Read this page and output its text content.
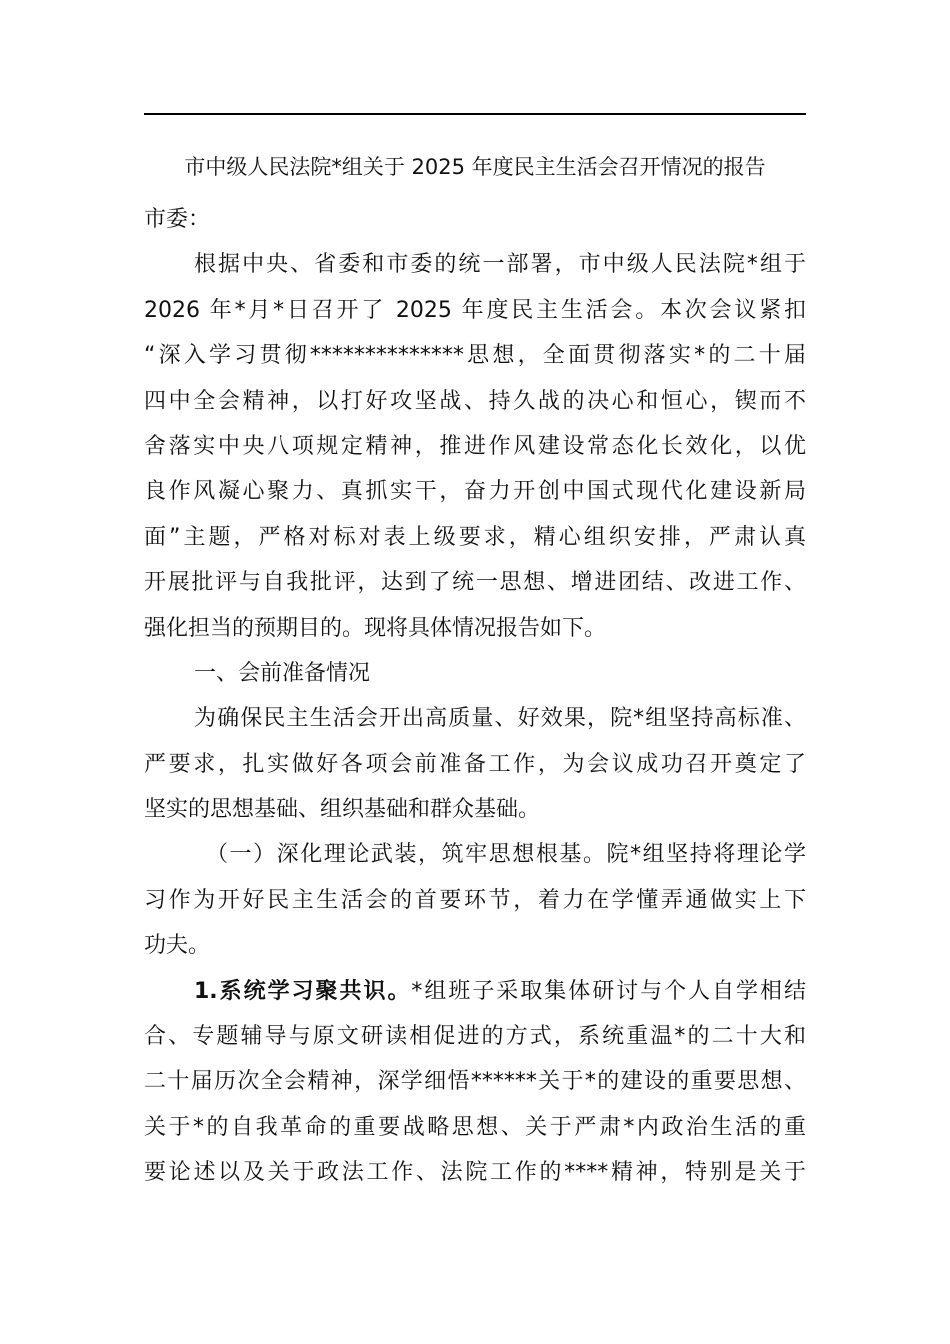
市中级人民法院*组关于 2025 年度民主生活会召开情况的报告
市委：
根据中央、省委和市委的统一部署，市中级人民法院*组于
2026 年*月*日召开了 2025 年度民主生活会。本次会议紧扣
“深入学习贯彻**************思想，全面贯彻落实*的二十届
四中全会精神，以打好攻坚战、持久战的决心和恒心，锲而不
舍落实中央八项规定精神，推进作风建设常态化长效化，以优
良作风凝心聚力、真抓实干，奋力开创中国式现代化建设新局
面”主题，严格对标对表上级要求，精心组织安排，严肃认真
开展批评与自我批评，达到了统一思想、增进团结、改进工作、
强化担当的预期目的。现将具体情况报告如下。
一、会前准备情况
为确保民主生活会开出高质量、好效果，院*组坚持高标准、
严要求，扎实做好各项会前准备工作，为会议成功召开奠定了
坚实的思想基础、组织基础和群众基础。
（一）深化理论武装，筑牢思想根基。院*组坚持将理论学
习作为开好民主生活会的首要环节，着力在学懂弄通做实上下
功夫。
1.系统学习聚共识。*组班子采取集体研讨与个人自学相结
合、专题辅导与原文研读相促进的方式，系统重温*的二十大和
二十届历次全会精神，深学细悟******关于*的建设的重要思想、
关于*的自我革命的重要战略思想、关于严肃*内政治生活的重
要论述以及关于政法工作、法院工作的****精神，特别是关于
